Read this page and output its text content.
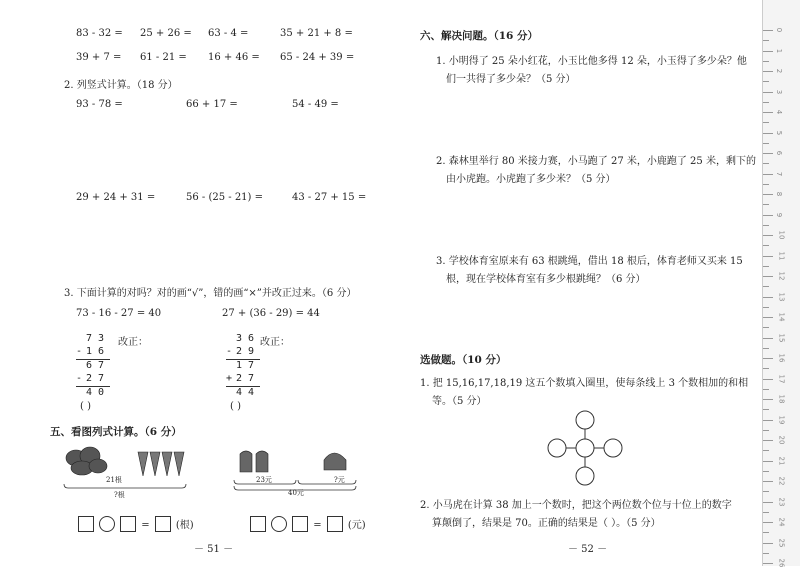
83 - 32 = 25 + 26 = 63 - 4 =	35 + 21 + 8 =
39 + 7 = 61 - 21 = 16 + 46 = 65 - 24 + 39 =
2. 列竖式计算。（18 分）
93 - 78 =	66 + 17 =	54 - 49 =
29 + 24 + 31 =	56 - (25 - 21) =	43 - 27 + 15 =
3. 下面计算的对吗？对的画“√”，错的画“×”并改正过来。（6 分）
73 - 16 - 27 = 40	27 + (36 - 29) = 44
7 3 改正：
- 1 6
6 7
- 2 7
4 0
( )
3 6 改正：
- 2 9
1 7
+ 2 7
4 4
( )
五、看图列式计算。（6 分）
21根
?根
23元	?元
40元
=	(根)	=	(元)
－ 51 －
六、解决问题。（16 分）
1. 小明得了 25 朵小红花，小玉比他多得 12 朵，小玉得了多少朵？他
们一共得了多少朵？（5 分）
2. 森林里举行 80 米接力赛，小马跑了 27 米，小鹿跑了 25 米，剩下的
由小虎跑。小虎跑了多少米？（5 分）
3. 学校体育室原来有 63 根跳绳，借出 18 根后，体育老师又买来 15
根，现在学校体育室有多少根跳绳？（6 分）
选做题。（10 分）
1. 把 15,16,17,18,19 这五个数填入圈里，使每条线上 3 个数相加的和相
等。（5 分）
2. 小马虎在计算 38 加上一个数时，把这个两位数个位与十位上的数字
算颠倒了，结果是 70。正确的结果是（ ）。（5 分）
－ 52 －
0
1
2
3
4
5
6
7
8
9
10
11
12
13
14
15
16
17
18
19
20
21
22
23
24
25
26
